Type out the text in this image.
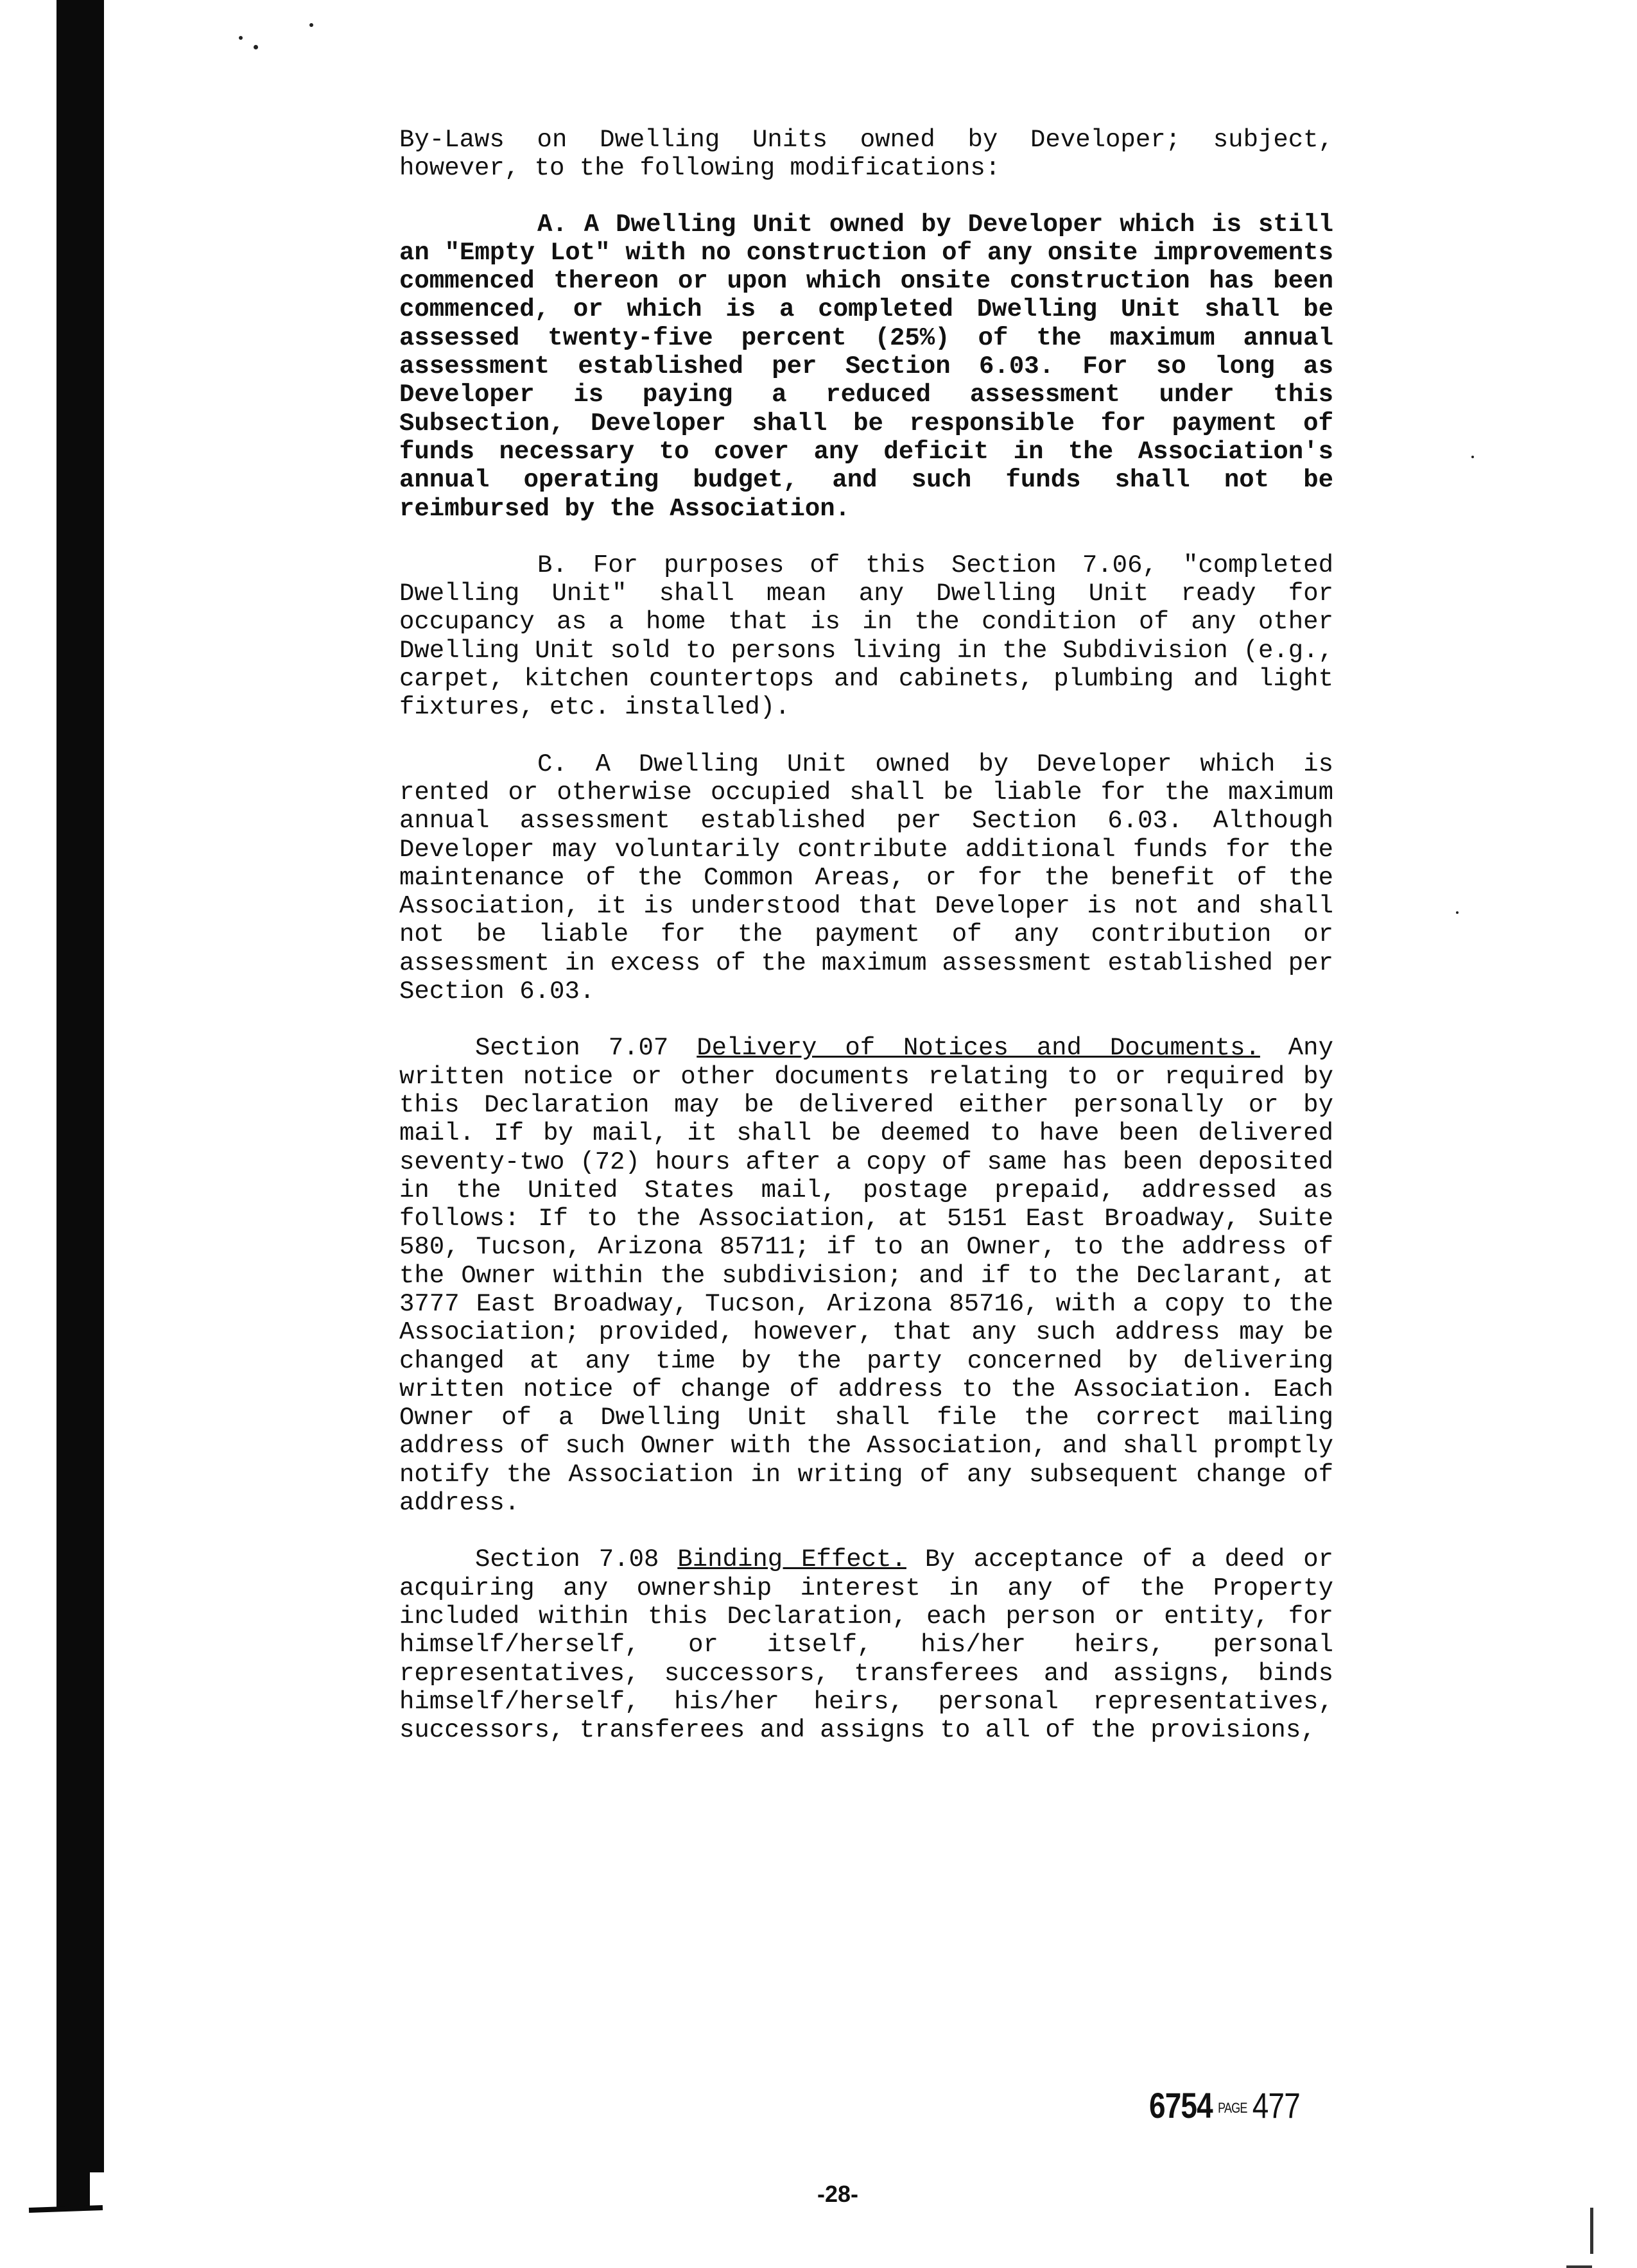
By-Laws on Dwelling Units owned by Developer; subject, however, to the following modifications:

A. A Dwelling Unit owned by Developer which is still an "Empty Lot" with no construction of any onsite improvements commenced thereon or upon which onsite construction has been commenced, or which is a completed Dwelling Unit shall be assessed twenty-five percent (25%) of the maximum annual assessment established per Section 6.03. For so long as Developer is paying a reduced assessment under this Subsection, Developer shall be responsible for payment of funds necessary to cover any deficit in the Association's annual operating budget, and such funds shall not be reimbursed by the Association.

B. For purposes of this Section 7.06, "completed Dwelling Unit" shall mean any Dwelling Unit ready for occupancy as a home that is in the condition of any other Dwelling Unit sold to persons living in the Subdivision (e.g., carpet, kitchen countertops and cabinets, plumbing and light fixtures, etc. installed).

C. A Dwelling Unit owned by Developer which is rented or otherwise occupied shall be liable for the maximum annual assessment established per Section 6.03. Although Developer may voluntarily contribute additional funds for the maintenance of the Common Areas, or for the benefit of the Association, it is understood that Developer is not and shall not be liable for the payment of any contribution or assessment in excess of the maximum assessment established per Section 6.03.

Section 7.07 Delivery of Notices and Documents. Any written notice or other documents relating to or required by this Declaration may be delivered either personally or by mail. If by mail, it shall be deemed to have been delivered seventy-two (72) hours after a copy of same has been deposited in the United States mail, postage prepaid, addressed as follows: If to the Association, at 5151 East Broadway, Suite 580, Tucson, Arizona 85711; if to an Owner, to the address of the Owner within the subdivision; and if to the Declarant, at 3777 East Broadway, Tucson, Arizona 85716, with a copy to the Association; provided, however, that any such address may be changed at any time by the party concerned by delivering written notice of change of address to the Association. Each Owner of a Dwelling Unit shall file the correct mailing address of such Owner with the Association, and shall promptly notify the Association in writing of any subsequent change of address.

Section 7.08 Binding Effect. By acceptance of a deed or acquiring any ownership interest in any of the Property included within this Declaration, each person or entity, for himself/herself, or itself, his/her heirs, personal representatives, successors, transferees and assigns, binds himself/herself, his/her heirs, personal representatives, successors, transferees and assigns to all of the provisions,

6754 PAGE 477
-28-
